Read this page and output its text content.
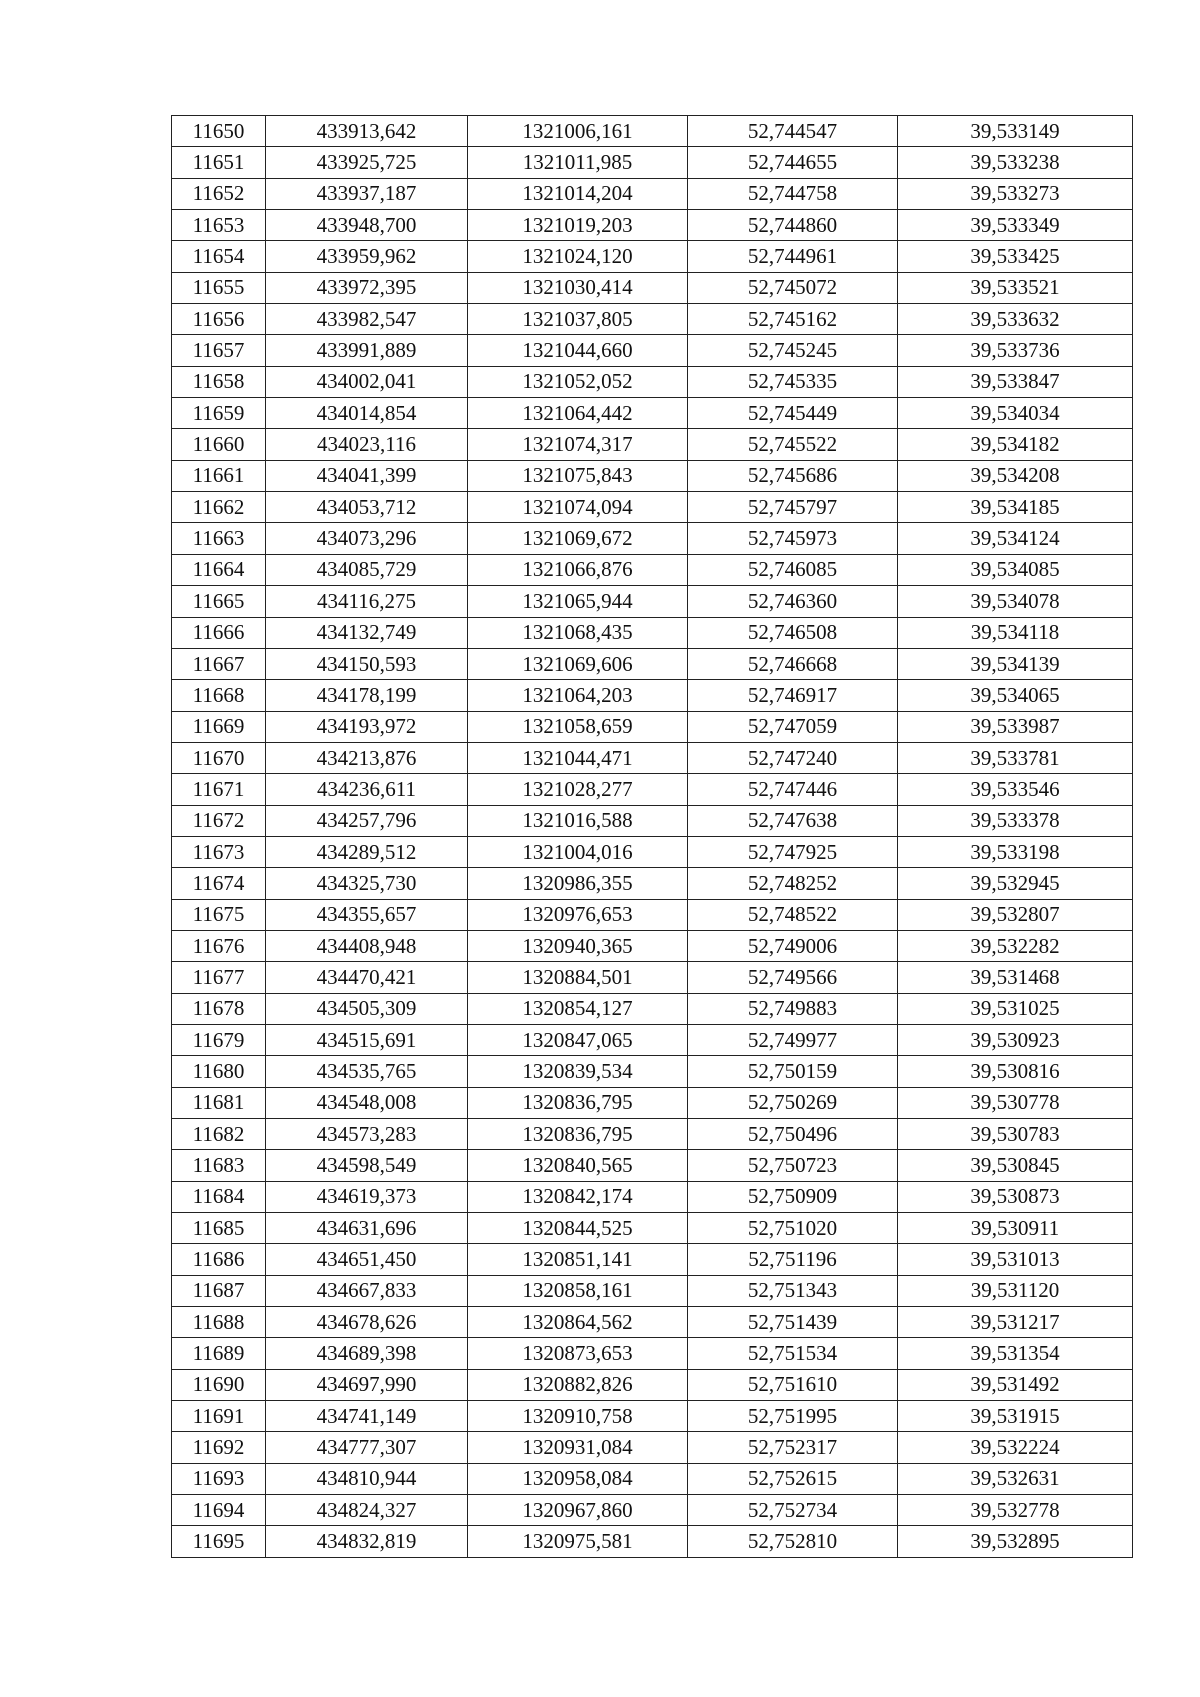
11650	433913,642	1321006,161	52,744547	39,533149
11651	433925,725	1321011,985	52,744655	39,533238
11652	433937,187	1321014,204	52,744758	39,533273
11653	433948,700	1321019,203	52,744860	39,533349
11654	433959,962	1321024,120	52,744961	39,533425
11655	433972,395	1321030,414	52,745072	39,533521
11656	433982,547	1321037,805	52,745162	39,533632
11657	433991,889	1321044,660	52,745245	39,533736
11658	434002,041	1321052,052	52,745335	39,533847
11659	434014,854	1321064,442	52,745449	39,534034
11660	434023,116	1321074,317	52,745522	39,534182
11661	434041,399	1321075,843	52,745686	39,534208
11662	434053,712	1321074,094	52,745797	39,534185
11663	434073,296	1321069,672	52,745973	39,534124
11664	434085,729	1321066,876	52,746085	39,534085
11665	434116,275	1321065,944	52,746360	39,534078
11666	434132,749	1321068,435	52,746508	39,534118
11667	434150,593	1321069,606	52,746668	39,534139
11668	434178,199	1321064,203	52,746917	39,534065
11669	434193,972	1321058,659	52,747059	39,533987
11670	434213,876	1321044,471	52,747240	39,533781
11671	434236,611	1321028,277	52,747446	39,533546
11672	434257,796	1321016,588	52,747638	39,533378
11673	434289,512	1321004,016	52,747925	39,533198
11674	434325,730	1320986,355	52,748252	39,532945
11675	434355,657	1320976,653	52,748522	39,532807
11676	434408,948	1320940,365	52,749006	39,532282
11677	434470,421	1320884,501	52,749566	39,531468
11678	434505,309	1320854,127	52,749883	39,531025
11679	434515,691	1320847,065	52,749977	39,530923
11680	434535,765	1320839,534	52,750159	39,530816
11681	434548,008	1320836,795	52,750269	39,530778
11682	434573,283	1320836,795	52,750496	39,530783
11683	434598,549	1320840,565	52,750723	39,530845
11684	434619,373	1320842,174	52,750909	39,530873
11685	434631,696	1320844,525	52,751020	39,530911
11686	434651,450	1320851,141	52,751196	39,531013
11687	434667,833	1320858,161	52,751343	39,531120
11688	434678,626	1320864,562	52,751439	39,531217
11689	434689,398	1320873,653	52,751534	39,531354
11690	434697,990	1320882,826	52,751610	39,531492
11691	434741,149	1320910,758	52,751995	39,531915
11692	434777,307	1320931,084	52,752317	39,532224
11693	434810,944	1320958,084	52,752615	39,532631
11694	434824,327	1320967,860	52,752734	39,532778
11695	434832,819	1320975,581	52,752810	39,532895
